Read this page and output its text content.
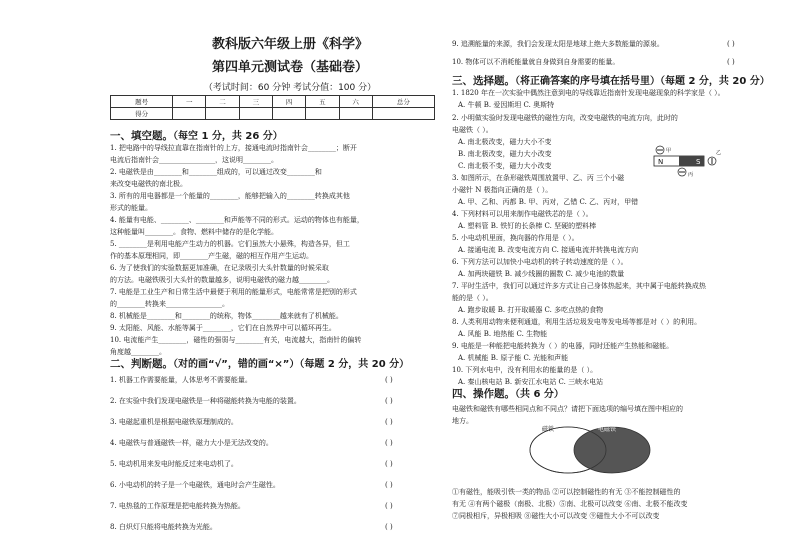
教科版六年级上册《科学》
第四单元测试卷（基础卷）
（考试时间：60 分钟 考试分值：100 分）
题号	一	二	三	四	五	六	总分
得分							
一、填空题。（每空 1 分，共 26 分）
1. 把电路中的导线拉直靠在指南针的上方，接通电流时指南针会________；断开
电流后指南针会________________，这说明________。
2. 电磁铁是由________和________组成的，可以通过改变________和
来改变电磁铁的南北极。
3. 所有的用电器都是一个能量的________，能够把输入的________转换成其他
形式的能量。
4. 能量有电能、________、________和声能等不同的形式。运动的物体也有能量，
这种能量叫________。食物、燃料中储存的是化学能。
5. ________是利用电能产生动力的机器。它们虽然大小悬殊，构造各异，但工
作的基本原理相同，即________产生磁，磁的相互作用产生运动。
6. 为了使我们的实验数据更加准确，在记录吸引大头针数量的时候采取
的方法。电磁铁吸引大头针的数量越多，说明电磁铁的磁力越________。
7. 电能是工业生产和日常生活中最便于利用的能量形式，电能常常是把别的形式
的________转换来________________。
8. 机械能是________和________的统称，物体________越来就有了机械能。
9. 太阳能、风能、水能等属于________，它们在自然界中可以循环再生。
10. 电流能产生________，磁性的强弱与________有关，电流越大，指南针的偏转
角度越________。
二、判断题。（对的画“√”，错的画“×”）（每题 2 分，共 20 分）
1. 机器工作需要能量，人体思考不需要能量。	( )
2. 在实验中我们发现电磁铁是一种将磁能转换为电能的装置。	( )
3. 电磁起重机是根据电磁铁原理制成的。	( )
4. 电磁铁与普通磁铁一样，磁力大小是无法改变的。	( )
5. 电动机用来发电时能反过来电动机了。	( )
6. 小电动机的转子是一个电磁铁，通电时会产生磁性。	( )
7. 电热毯的工作原理是把电能转换为热能。	( )
8. 白炽灯只能将电能转换为光能。	( )
9. 追溯能量的来源，我们会发现太阳是地球上绝大多数能量的源泉。	( )
10. 物体可以不消耗能量就自身做到自身需要的能量。	( )
三、选择题。（将正确答案的序号填在括号里）（每题 2 分，共 20 分）
1. 1820 年在一次实验中偶然注意到电的导线靠近指南针发现电磁现象的科学家是（ ）。
A. 牛顿 B. 爱因斯坦 C. 奥斯特
2. 小明做实验时发现电磁铁的磁性方向，改变电磁铁的电流方向，此时的
电磁铁（ ）。
A. 南北极改变，磁力大小不变
B. 南北极改变，磁力大小改变
C. 南北极不变，磁力大小改变
3. 如图所示，在条形磁铁周围放置甲、乙、丙 三个小磁
小磁针 N 极指向正确的是（ ）。
A. 甲、乙和、丙都 B. 甲、丙对，乙错 C. 乙、丙对，甲错
4. 下列材料可以用来制作电磁铁芯的是（ ）。
A. 塑料管 B. 铁钉的长条棒 C. 坚硬的塑料棒
5. 小电动机里面，换向器的作用是（ ）。
A. 接通电流 B. 改变电流方向 C. 接通电流并转换电流方向
6. 下列方法可以加快小电动机的转子转动速度的是（ ）。
A. 加两块磁铁 B. 减少线圈的圈数 C. 减少电池的数量
7. 平时生活中，我们可以通过许多方式让自己身体热起来，其中属于电能转换成热
能的是（ ）。
A. 跑步取暖 B. 打开取暖器 C. 多吃点热的食物
8. 人类利用动物来便利通道，利用生活垃圾发电等发电场等都是对（ ）的利用。
A. 风能 B. 地热能 C. 生物能
9. 电能是一种能把电能转换为（ ）的电器，同时还能产生热能和磁能。
A. 机械能 B. 原子能 C. 光能和声能
10. 下列水电中，没有利用水的能量的是（ ）。
A. 秦山核电站 B. 新安江水电站 C. 三峡水电站
N	S
甲	乙
丙
四、操作题。（共 6 分）
电磁铁和磁铁有哪些相同点和不同点？请把下面选项的编号填在图中相应的
地方。
磁铁	电磁铁
①有磁性，能吸引铁一类的物品 ②可以控制磁性的有无 ③不能控制磁性的
有无 ④有两个磁极（南极、北极）⑤南、北极可以改变 ⑥南、北极不能改变
⑦同极相斥，异极相吸 ⑧磁性大小可以改变 ⑨磁性大小不可以改变
